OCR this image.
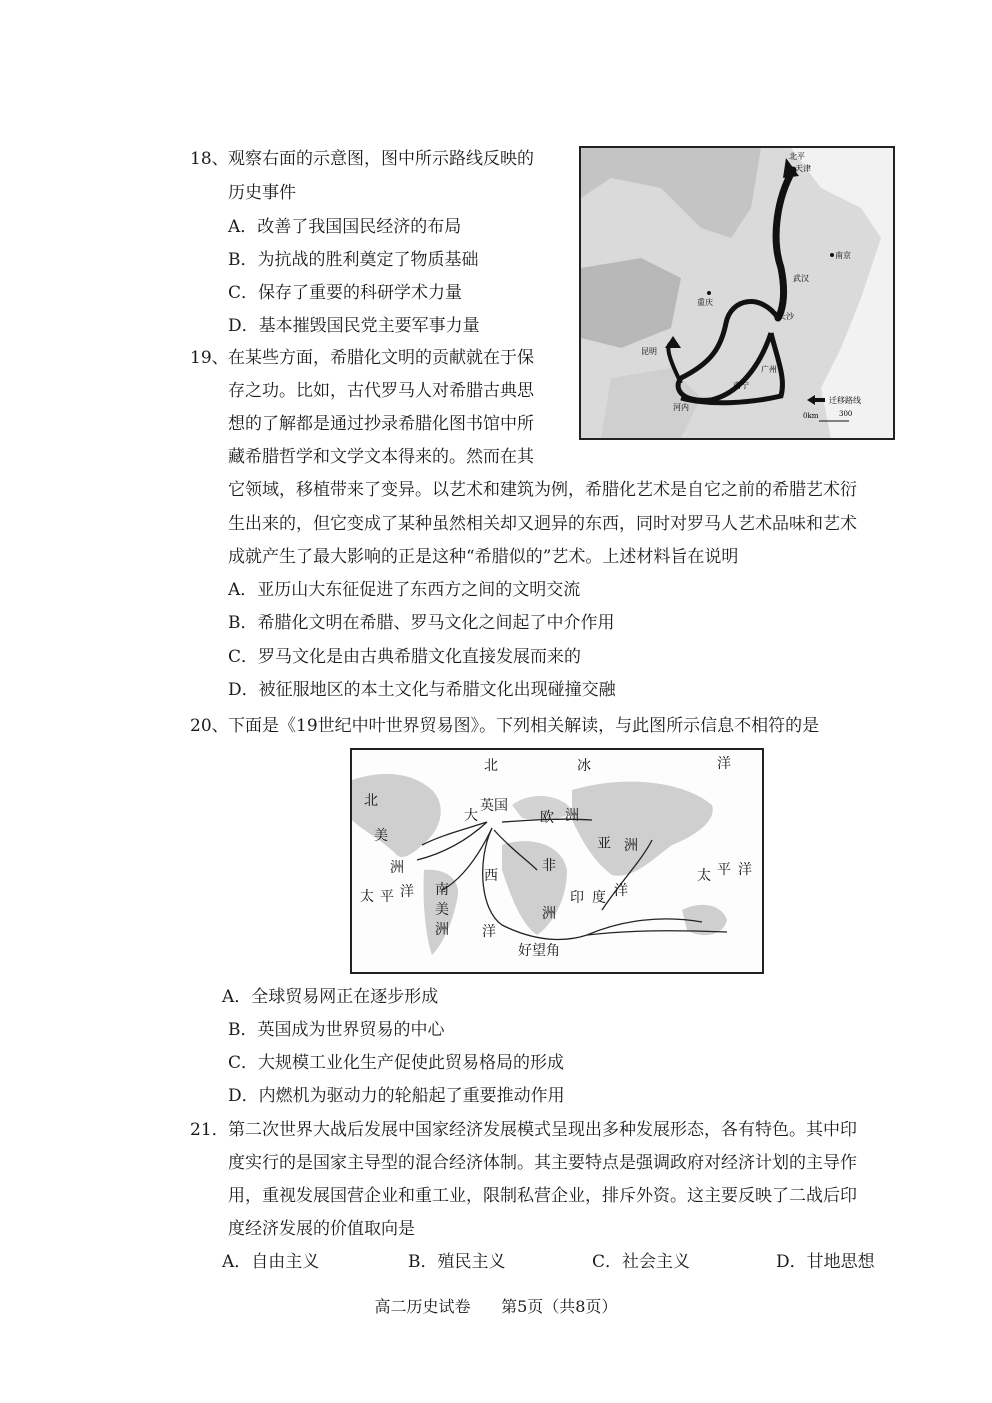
18、 观察右面的示意图，图中所示路线反映的
历史事件
A．改善了我国国民经济的布局
B．为抗战的胜利奠定了物质基础
C．保存了重要的科研学术力量
D．基本摧毁国民党主要军事力量
北平
天津
南京
武汉
重庆
长沙
昆明
南宁
广州
河内
迁移路线
0km	300
19、 在某些方面，希腊化文明的贡献就在于保
存之功。比如，古代罗马人对希腊古典思
想的了解都是通过抄录希腊化图书馆中所
藏希腊哲学和文学文本得来的。然而在其
它领域，移植带来了变异。以艺术和建筑为例，希腊化艺术是自它之前的希腊艺术衍
生出来的，但它变成了某种虽然相关却又迥异的东西，同时对罗马人艺术品味和艺术
成就产生了最大影响的正是这种“希腊似的”艺术。上述材料旨在说明
A．亚历山大东征促进了东西方之间的文明交流
B．希腊化文明在希腊、罗马文化之间起了中介作用
C．罗马文化是由古典希腊文化直接发展而来的
D．被征服地区的本土文化与希腊文化出现碰撞交融
20、 下面是《19世纪中叶世界贸易图》。下列相关解读，与此图所示信息不相符的是
北	冰	洋
北
美
洲
大
英国
欧 洲
亚 洲
非
洲
西
印 度 洋
南
美
洲
太 平 洋
太 平 洋
洋
好望角
A．全球贸易网正在逐步形成
B．英国成为世界贸易的中心
C．大规模工业化生产促使此贸易格局的形成
D．内燃机为驱动力的轮船起了重要推动作用
21． 第二次世界大战后发展中国家经济发展模式呈现出多种发展形态，各有特色。其中印
度实行的是国家主导型的混合经济体制。其主要特点是强调政府对经济计划的主导作
用，重视发展国营企业和重工业，限制私营企业，排斥外资。这主要反映了二战后印
度经济发展的价值取向是
A．自由主义	B．殖民主义	C．社会主义	D．甘地思想
高二历史试卷      第5页（共8页）
